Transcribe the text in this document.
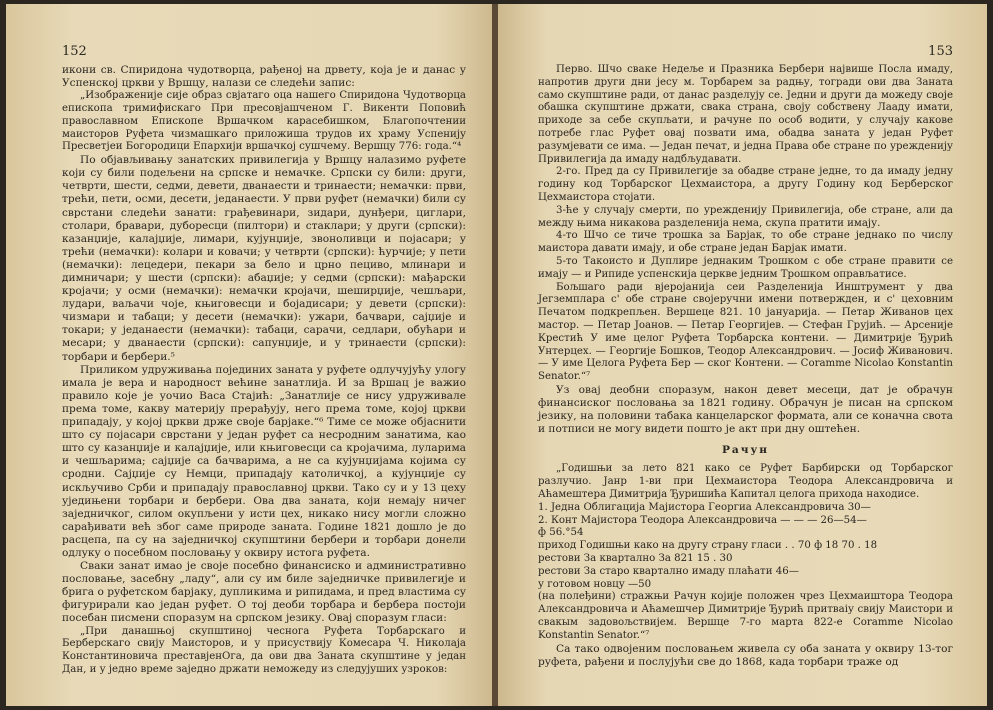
152

икони св. Спиридона чудотворца, рађеној на дрвету, која је и данас у Успенској цркви у Вршцу, налази се следећи запис:

„Изображеније сије образ свјатаго оца нашего Спиридона Чудотворца епископа тримифискаго При пресовјашченом Г. Викенти Поповић православном Епископе Вршачком карасебишком, Благопочтении маисторов Руфета чизмашкаго приложиша трудов их храму Успенију Пресветјеи Богородици Епархији вршачкој сушчему. Вершцу 776: года.“⁴

По објављивању занатских привилегија у Вршцу налазимо руфете који су били подељени на српске и немачке. Српски су били: други, четврти, шести, седми, девети, дванаести и тринаести; немачки: први, трећи, пети, осми, десети, једанаести. У први руфет (немачки) били су сврстани следећи занати: грађевинари, зидари, дунђери, циглари, столари, бравари, дуборесци (пилтори) и стаклари; у други (српски): казанџије, калајџије, лимари, кујунџије, звоноливци и појасари; у трећи (немачки): колари и ковачи; у четврти (српски): ћурчије; у пети (немачки): лецедери, пекари за бело и црно пециво, млинари и димничари; у шести (српски): абаџије; у седми (српски): мађарски кројачи; у осми (немачки): немачки кројачи, шеширџије, чешљари, лудари, ваљачи чоје, књиговесци и бојадисари; у девети (српски): чизмари и табаци; у десети (немачки): ужари, бачвари, сајџије и токари; у једанаести (немачки): табаци, сарачи, седлари, обућари и месари; у дванаести (српски): сапунџије, и у тринаести (српски): торбари и бербери.⁵

Приликом удруживања појединих заната у руфете одлучујућу улогу имала је вера и народност већине занатлија. И за Вршац је важио правило које је уочио Васа Стајић: „Занатлије се нису удруживале према томе, какву материју прерађују, него према томе, којој цркви припадају, у којој цркви држе своје барјаке.“⁶ Тиме се може објаснити што су појасари сврстани у један руфет са несродним занатима, као што су казанџије и калајџије, или књиговесци са кројачима, луларима и чешљарима; сајџије са бачварима, а не са кујунџијама којима су сродни. Сајџије су Немци, припадају католичкој, а кујунџије су искључиво Срби и припадају православној цркви. Тако су и у 13 цеху уједињени торбари и бербери. Ова два заната, који немају ничег заједничког, силом окупљени у исти цех, никако нису могли сложно сарађивати већ због саме природе заната. Године 1821 дошло је до расцепа, па су на заједничкој скупштини бербери и торбари донели одлуку о посебном пословању у оквиру истога руфета.

Сваки занат имао је своје посебно финансиско и административно пословање, засебну „ладу“, али су им биле заједничке привилегије и брига о руфетском барјаку, дупликима и рипидама, и пред властима су фигурирали као један руфет. О тој деоби торбара и бербера постоји посебан писмени споразум на српском језику. Овај споразум гласи:

„При данашњој скупштиној чеснога Руфета Торбарскаго и Берберскаго свију Маисторов, и у присуствију Комесара Ч. Николаја Константиновича преставјенОга, да ови два Заната скупштине у један Дан, и у једно време заједно држати неможеду из следујуших узроков:

153

Перво. Шчо сваке Недеље и Празника Бербери највише Посла имаду, напротив други дни јесу м. Торбарем за радњу, тогради ови два Заната само скупштине ради, от данас разделују се. Једни и други да можеду своје обашка скупштине држати, свака страна, своју собствену Лааду имати, приходе за себе скупљати, и рачуне по особ водити, у случају какове потребе глас Руфет овај позвати има, обадва заната у један Руфет разумјевати се има. — Један печат, и једна Права обе стране по урежденију Привилегија да имаду надбљудавати.

2-го. Пред да су Привилегије за обадве стране једне, то да имаду једну годину код Торбарског Цехмаистора, а другу Годину код Берберског Цехмаистора стојати.

3-ће у случају смерти, по урежденију Привилегија, обе стране, али да между њима никакова разделенија нема, скупа пратити имају.

4-то Шчо се тиче трошка за Барјак, то обе стране једнако по числу маистора давати имају, и обе стране један Барјак имати.

5-то Такоисто и Дуплире једнаким Трошком с обе стране правити се имају — и Рипиде успенскија церкве једним Трошком оправљатисе.

Бољшаго ради вјеројанија сеи Разделенија Инштрумент у два Јегземплара с' обе стране својеручни имени потвержден, и с' цеховним Печатом подкрепљен. Вершеце 821. 10 јануарија. — Петар Живанов цех мастор. — Петар Јоанов. — Петар Георгијев. — Стефан Грујић. — Арсеније Крестић У име целог Руфета Торбарска контени. — Димитрије Ђурић Унтерцех. — Георгије Бошков, Теодор Александрович. — Јосиф Живанович. — У име Целога Руфета Бер — ског Контени. — Coramme Nicolao Konstantin Senator.“⁷

Уз овај деобни споразум, након девет месеци, дат је обрачун финансиског пословања за 1821 годину. Обрачун је писан на српском језику, на половини табака канцеларског формата, али се коначна свота и потписи не могу видети пошто је акт при дну оштећен.

Рачун

„Годишњи за лето 821 како се Руфет Барбирски од Торбарског разлучио. Јанр 1-ви при Цехмаистора Теодора Александровича и Аћамештера Димитрија Ђуришића Капитал целога прихода находисе.

1. Једна Облигација Мајистора Георгиа Александровича 30—
2. Конт Мајистора Теодора Александровича — — — 26—54—
ф 56.°54
приход Годишњи како на другу страну гласи . . 70 ф 18 70 . 18
рестови За квартално За 821 15 . 30
рестови За старо квартално имаду плаћати 46—
у готовом новцу —50

(на полеђини) стражњи Рачун којије положен чрез Цехмаиштора Теодора Александровича и Аћамешчер Димитрије Ђурић притваіу свију Маистори и свакым задовољствијем. Вершце 7-го марта 822-е Coramme Nicolao Konstantin Senator.“⁷

Са тако одвојеним пословањем живела су оба заната у оквиру 13-тог руфета, рађени и послујући све до 1868, када торбари траже од
